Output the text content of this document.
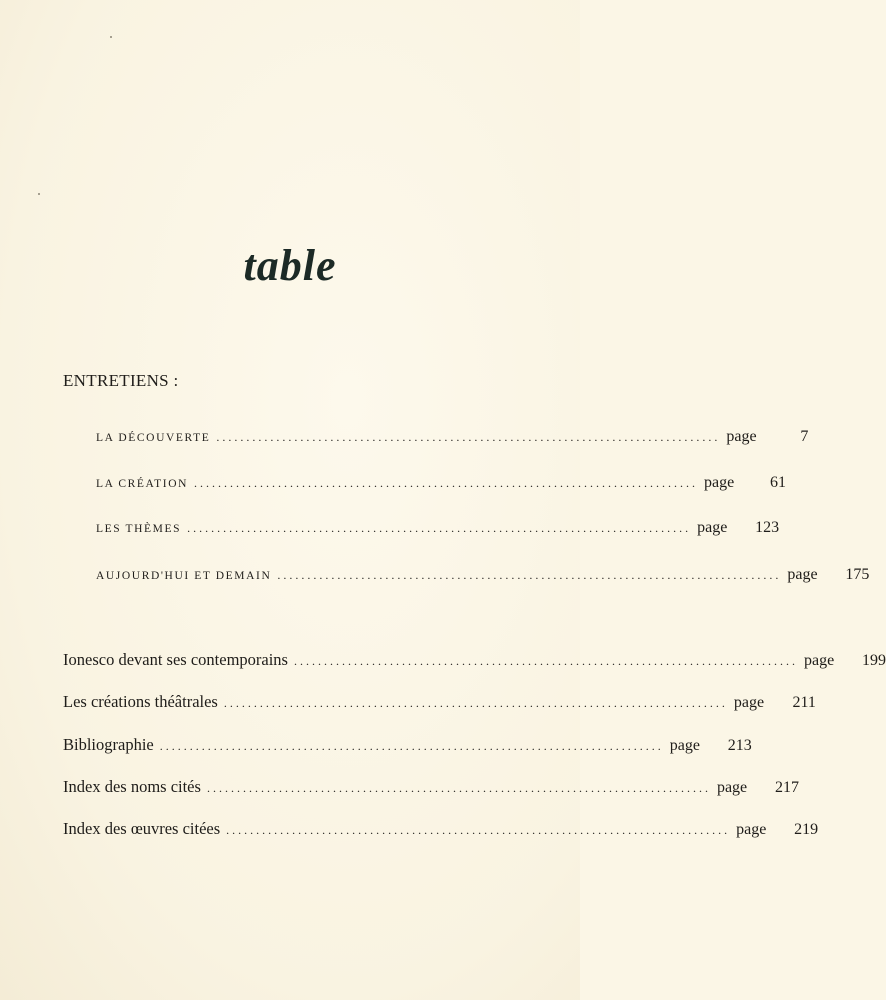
table
ENTRETIENS :
LA DÉCOUVERTE .................................................................................... page	7
LA CRÉATION .................................................................................... page	61
LES THÈMES .................................................................................... page	123
AUJOURD'HUI ET DEMAIN .................................................................................... page	175
Ionesco devant ses contemporains .................................................................................... page	199
Les créations théâtrales .................................................................................... page	211
Bibliographie .................................................................................... page	213
Index des noms cités .................................................................................... page	217
Index des œuvres citées .................................................................................... page	219
